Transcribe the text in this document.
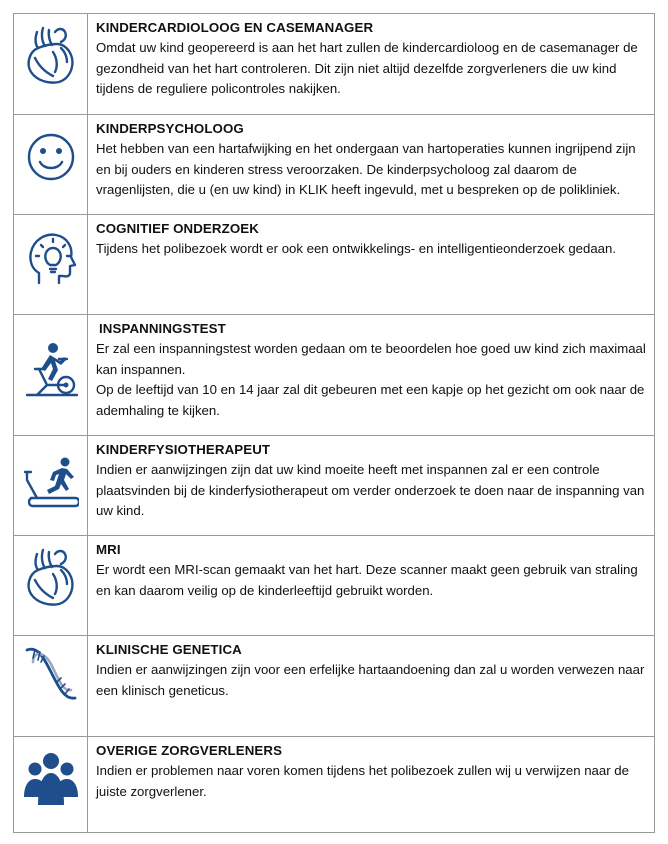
KINDERCARDIOLOOG EN CASEMANAGER

Omdat uw kind geopereerd is aan het hart zullen de kindercardioloog en de casemanager de gezondheid van het hart controleren. Dit zijn niet altijd dezelfde zorgverleners die uw kind tijdens de reguliere policontroles nakijken.

KINDERPSYCHOLOOG

Het hebben van een hartafwijking en het ondergaan van hartoperaties kunnen ingrijpend zijn en bij ouders en kinderen stress veroorzaken. De kinderpsycholoog zal daarom de vragenlijsten, die u (en uw kind) in KLIK heeft ingevuld, met u bespreken op de polikliniek.

COGNITIEF ONDERZOEK

Tijdens het polibezoek wordt er ook een ontwikkelings- en intelligentieonderzoek gedaan.

INSPANNINGSTEST

Er zal een inspanningstest worden gedaan om te beoordelen hoe goed uw kind zich maximaal kan inspannen.

Op de leeftijd van 10 en 14 jaar zal dit gebeuren met een kapje op het gezicht om ook naar de ademhaling te kijken.

KINDERFYSIOTHERAPEUT

Indien er aanwijzingen zijn dat uw kind moeite heeft met inspannen zal er een controle plaatsvinden bij de kinderfysiotherapeut om verder onderzoek te doen naar de inspanning van uw kind.

MRI

Er wordt een MRI-scan gemaakt van het hart. Deze scanner maakt geen gebruik van straling en kan daarom veilig op de kinderleeftijd gebruikt worden.

KLINISCHE GENETICA

Indien er aanwijzingen zijn voor een erfelijke hartaandoening dan zal u worden verwezen naar een klinisch geneticus.

OVERIGE ZORGVERLENERS

Indien er problemen naar voren komen tijdens het polibezoek zullen wij u verwijzen naar de juiste zorgverlener.
